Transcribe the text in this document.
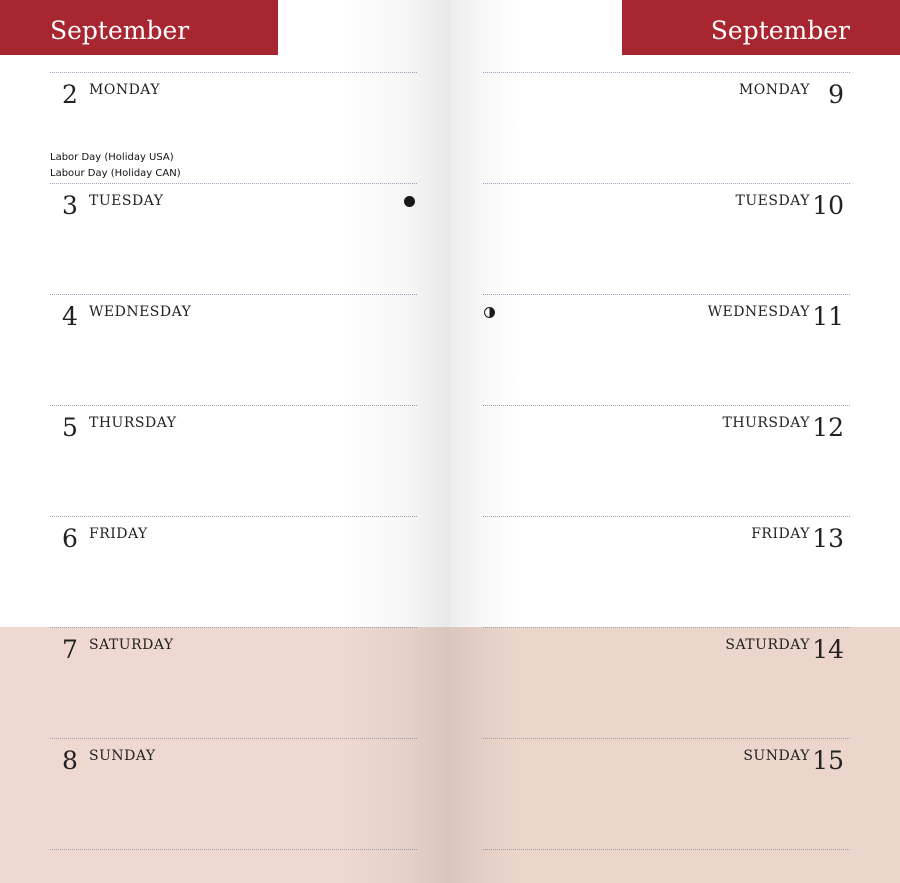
September
2 MONDAY
Labor Day (Holiday USA)
Labour Day (Holiday CAN)
3 TUESDAY
4 WEDNESDAY
5 THURSDAY
6 FRIDAY
7 SATURDAY
8 SUNDAY
September
9
MONDAY
10
TUESDAY
11
WEDNESDAY
12
THURSDAY
13
FRIDAY
14
SATURDAY
15
SUNDAY
